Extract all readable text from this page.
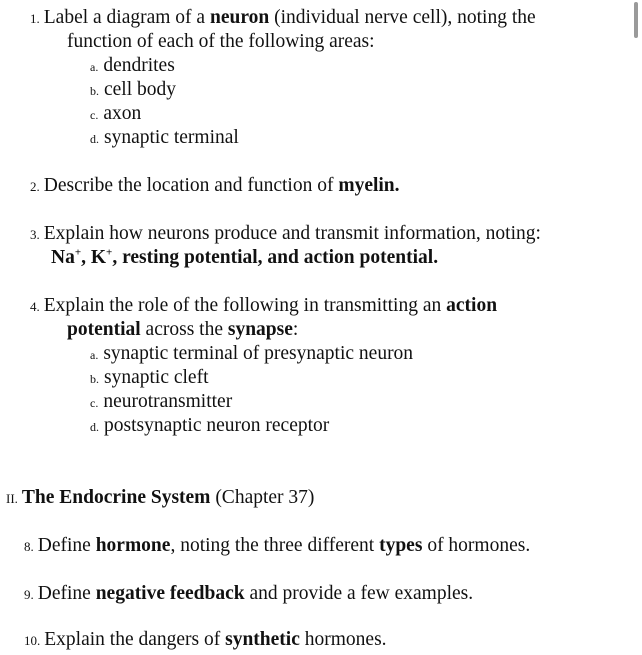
1. Label a diagram of a neuron (individual nerve cell), noting the
function of each of the following areas:
a. dendrites
b. cell body
c. axon
d. synaptic terminal
2. Describe the location and function of myelin.
3. Explain how neurons produce and transmit information, noting:
Na+, K+, resting potential, and action potential.
4. Explain the role of the following in transmitting an action
potential across the synapse:
a. synaptic terminal of presynaptic neuron
b. synaptic cleft
c. neurotransmitter
d. postsynaptic neuron receptor
II. The Endocrine System (Chapter 37)
8. Define hormone, noting the three different types of hormones.
9. Define negative feedback and provide a few examples.
10. Explain the dangers of synthetic hormones.
